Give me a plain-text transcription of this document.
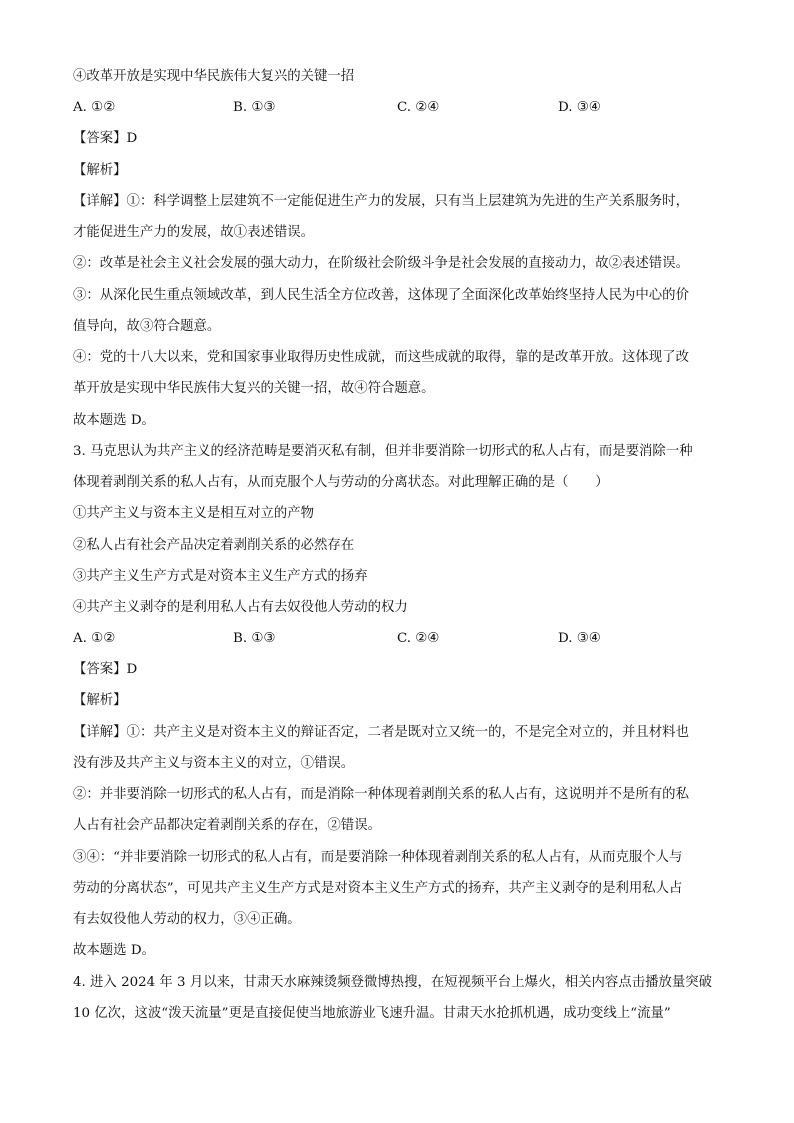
④改革开放是实现中华民族伟大复兴的关键一招
A. ①②	B. ①③	C. ②④	D. ③④
【答案】D
【解析】
【详解】①：科学调整上层建筑不一定能促进生产力的发展，只有当上层建筑为先进的生产关系服务时，
才能促进生产力的发展，故①表述错误。
②：改革是社会主义社会发展的强大动力，在阶级社会阶级斗争是社会发展的直接动力，故②表述错误。
③：从深化民生重点领域改革，到人民生活全方位改善，这体现了全面深化改革始终坚持人民为中心的价
值导向，故③符合题意。
④：党的十八大以来，党和国家事业取得历史性成就，而这些成就的取得，靠的是改革开放。这体现了改
革开放是实现中华民族伟大复兴的关键一招，故④符合题意。
故本题选 D。
3. 马克思认为共产主义的经济范畴是要消灭私有制，但并非要消除一切形式的私人占有，而是要消除一种
体现着剥削关系的私人占有，从而克服个人与劳动的分离状态。对此理解正确的是（　　）
①共产主义与资本主义是相互对立的产物
②私人占有社会产品决定着剥削关系的必然存在
③共产主义生产方式是对资本主义生产方式的扬弃
④共产主义剥夺的是利用私人占有去奴役他人劳动的权力
A. ①②	B. ①③	C. ②④	D. ③④
【答案】D
【解析】
【详解】①：共产主义是对资本主义的辩证否定，二者是既对立又统一的，不是完全对立的，并且材料也
没有涉及共产主义与资本主义的对立，①错误。
②：并非要消除一切形式的私人占有，而是消除一种体现着剥削关系的私人占有，这说明并不是所有的私
人占有社会产品都决定着剥削关系的存在，②错误。
③④：“并非要消除一切形式的私人占有，而是要消除一种体现着剥削关系的私人占有，从而克服个人与
劳动的分离状态”，可见共产主义生产方式是对资本主义生产方式的扬弃，共产主义剥夺的是利用私人占
有去奴役他人劳动的权力，③④正确。
故本题选 D。
4. 进入 2024 年 3 月以来，甘肃天水麻辣烫频登微博热搜，在短视频平台上爆火，相关内容点击播放量突破
10 亿次，这波“泼天流量”更是直接促使当地旅游业飞速升温。甘肃天水抢抓机遇，成功变线上“流量”
